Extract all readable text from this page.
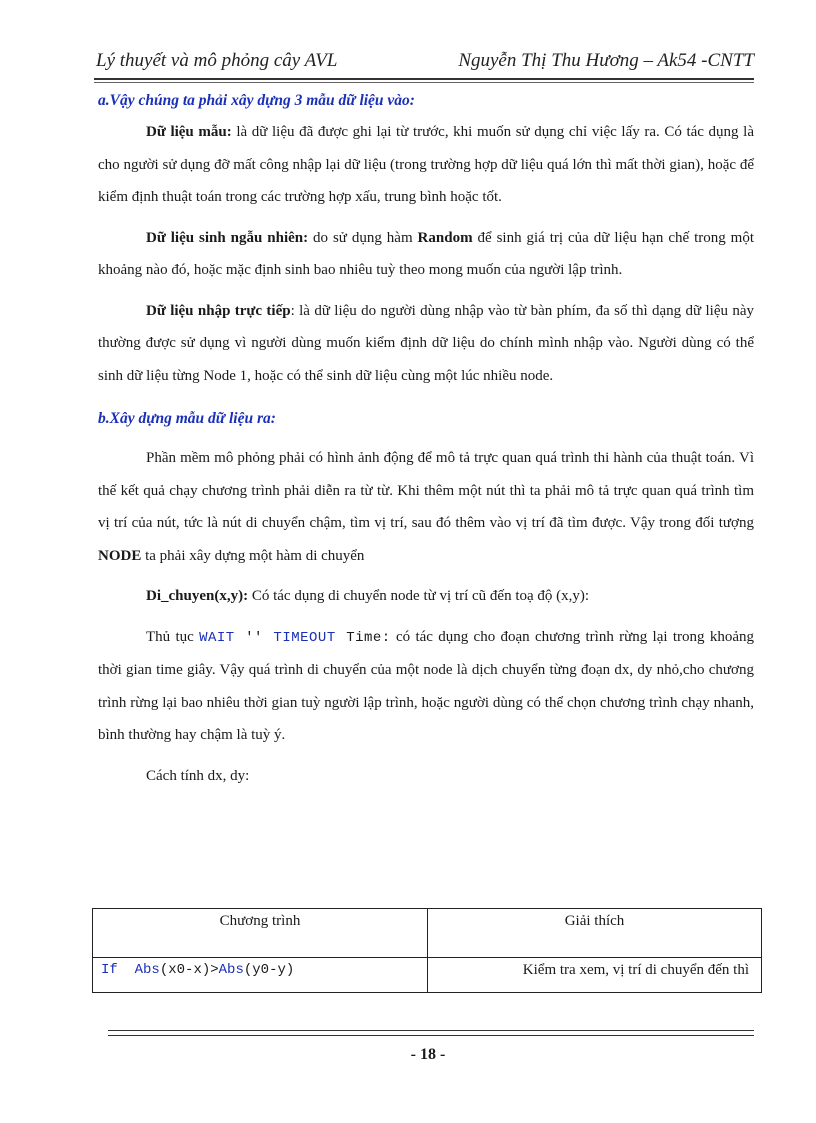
Lý thuyết và mô phỏng cây AVL	Nguyễn Thị Thu Hương – Ak54 -CNTT

a.Vậy chúng ta phải xây dựng 3 mẫu dữ liệu vào:

Dữ liệu mẫu: là dữ liệu đã được ghi lại từ trước, khi muốn sử dụng chỉ việc lấy ra. Có tác dụng là cho người sử dụng đỡ mất công nhập lại dữ liệu (trong trường hợp dữ liệu quá lớn thì mất thời gian), hoặc để kiểm định thuật toán trong các trường hợp xấu, trung bình hoặc tốt.

Dữ liệu sinh ngẫu nhiên: do sử dụng hàm Random để sinh giá trị của dữ liệu hạn chế trong một khoảng nào đó, hoặc mặc định sinh bao nhiêu tuỳ theo mong muốn của người lập trình.

Dữ liệu nhập trực tiếp: là dữ liệu do người dùng nhập vào từ bàn phím, đa số thì dạng dữ liệu này thường được sử dụng vì người dùng muốn kiểm định dữ liệu do chính mình nhập vào. Người dùng có thể sinh dữ liệu từng Node 1, hoặc có thể sinh dữ liệu cùng một lúc nhiều node.

b.Xây dựng mẫu dữ liệu ra:

Phần mềm mô phỏng phải có hình ảnh động để mô tả trực quan quá trình thi hành của thuật toán. Vì thế kết quả chạy chương trình phải diễn ra từ từ. Khi thêm một nút thì ta phải mô tả trực quan quá trình tìm vị trí của nút, tức là nút di chuyển chậm, tìm vị trí, sau đó thêm vào vị trí đã tìm được. Vậy trong đối tượng NODE ta phải xây dựng một hàm di chuyển

Di_chuyen(x,y): Có tác dụng di chuyển node từ vị trí cũ đến toạ độ (x,y):

Thủ tục WAIT '' TIMEOUT Time: có tác dụng cho đoạn chương trình rừng lại trong khoảng thời gian time giây. Vậy quá trình di chuyển của một node là dịch chuyển từng đoạn dx, dy nhỏ,cho chương trình rừng lại bao nhiêu thời gian tuỳ người lập trình, hoặc người dùng có thể chọn chương trình chạy nhanh, bình thường hay chậm là tuỳ ý.

Cách tính dx, dy:

Chương trình	Giải thích
If Abs(x0-x)>Abs(y0-y)	Kiểm tra xem, vị trí di chuyển đến thì
- 18 -
